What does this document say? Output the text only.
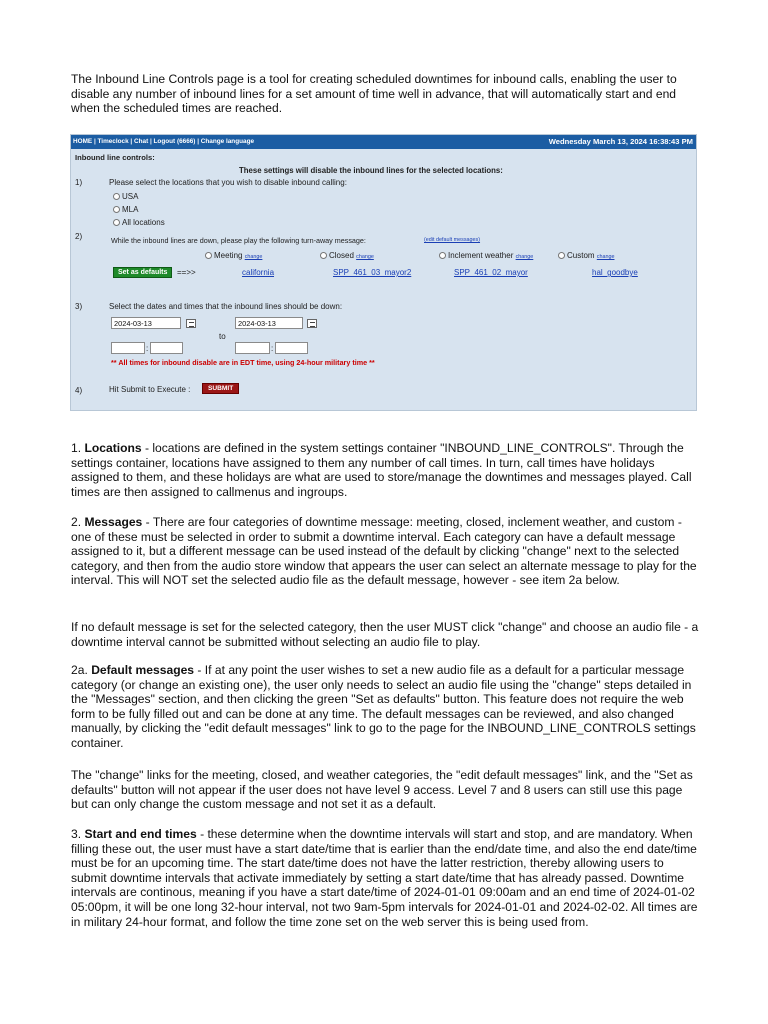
The Inbound Line Controls page is a tool for creating scheduled downtimes for inbound calls, enabling the user to disable any number of inbound lines for a set amount of time well in advance, that will automatically start and end when the scheduled times are reached.

HOME | Timeclock | Chat | Logout (6666) | Change language	Wednesday March 13, 2024 16:38:43 PM
Inbound line controls:
These settings will disable the inbound lines for the selected locations:
1)	Please select the locations that you wish to disable inbound calling:
USA
MLA
All locations
2)	While the inbound lines are down, please play the following turn-away message:	(edit default messages)
Meeting change	Closed change	Inclement weather change	Custom change
Set as defaults	==>>	california	SPP_461_03_mayor2	SPP_461_02_mayor	hal_goodbye
3)	Select the dates and times that the inbound lines should be down:
2024-03-13	2024-03-13
to
:	:
** All times for inbound disable are in EDT time, using 24-hour military time **
4)	Hit Submit to Execute :	SUBMIT

1. Locations - locations are defined in the system settings container "INBOUND_LINE_CONTROLS". Through the settings container, locations have assigned to them any number of call times. In turn, call times have holidays assigned to them, and these holidays are what are used to store/manage the downtimes and messages played. Call times are then assigned to callmenus and ingroups.

2. Messages - There are four categories of downtime message: meeting, closed, inclement weather, and custom - one of these must be selected in order to submit a downtime interval. Each category can have a default message assigned to it, but a different message can be used instead of the default by clicking "change" next to the selected category, and then from the audio store window that appears the user can select an alternate message to play for the interval. This will NOT set the selected audio file as the default message, however - see item 2a below.

If no default message is set for the selected category, then the user MUST click "change" and choose an audio file - a downtime interval cannot be submitted without selecting an audio file to play.

2a. Default messages - If at any point the user wishes to set a new audio file as a default for a particular message category (or change an existing one), the user only needs to select an audio file using the "change" steps detailed in the "Messages" section, and then clicking the green "Set as defaults" button. This feature does not require the web form to be fully filled out and can be done at any time. The default messages can be reviewed, and also changed manually, by clicking the "edit default messages" link to go to the page for the INBOUND_LINE_CONTROLS settings container.

The "change" links for the meeting, closed, and weather categories, the "edit default messages" link, and the "Set as defaults" button will not appear if the user does not have level 9 access. Level 7 and 8 users can still use this page but can only change the custom message and not set it as a default.

3. Start and end times - these determine when the downtime intervals will start and stop, and are mandatory. When filling these out, the user must have a start date/time that is earlier than the end/date time, and also the end date/time must be for an upcoming time. The start date/time does not have the latter restriction, thereby allowing users to submit downtime intervals that activate immediately by setting a start date/time that has already passed. Downtime intervals are continous, meaning if you have a start date/time of 2024-01-01 09:00am and an end time of 2024-01-02 05:00pm, it will be one long 32-hour interval, not two 9am-5pm intervals for 2024-01-01 and 2024-02-02. All times are in military 24-hour format, and follow the time zone set on the web server this is being used from.
